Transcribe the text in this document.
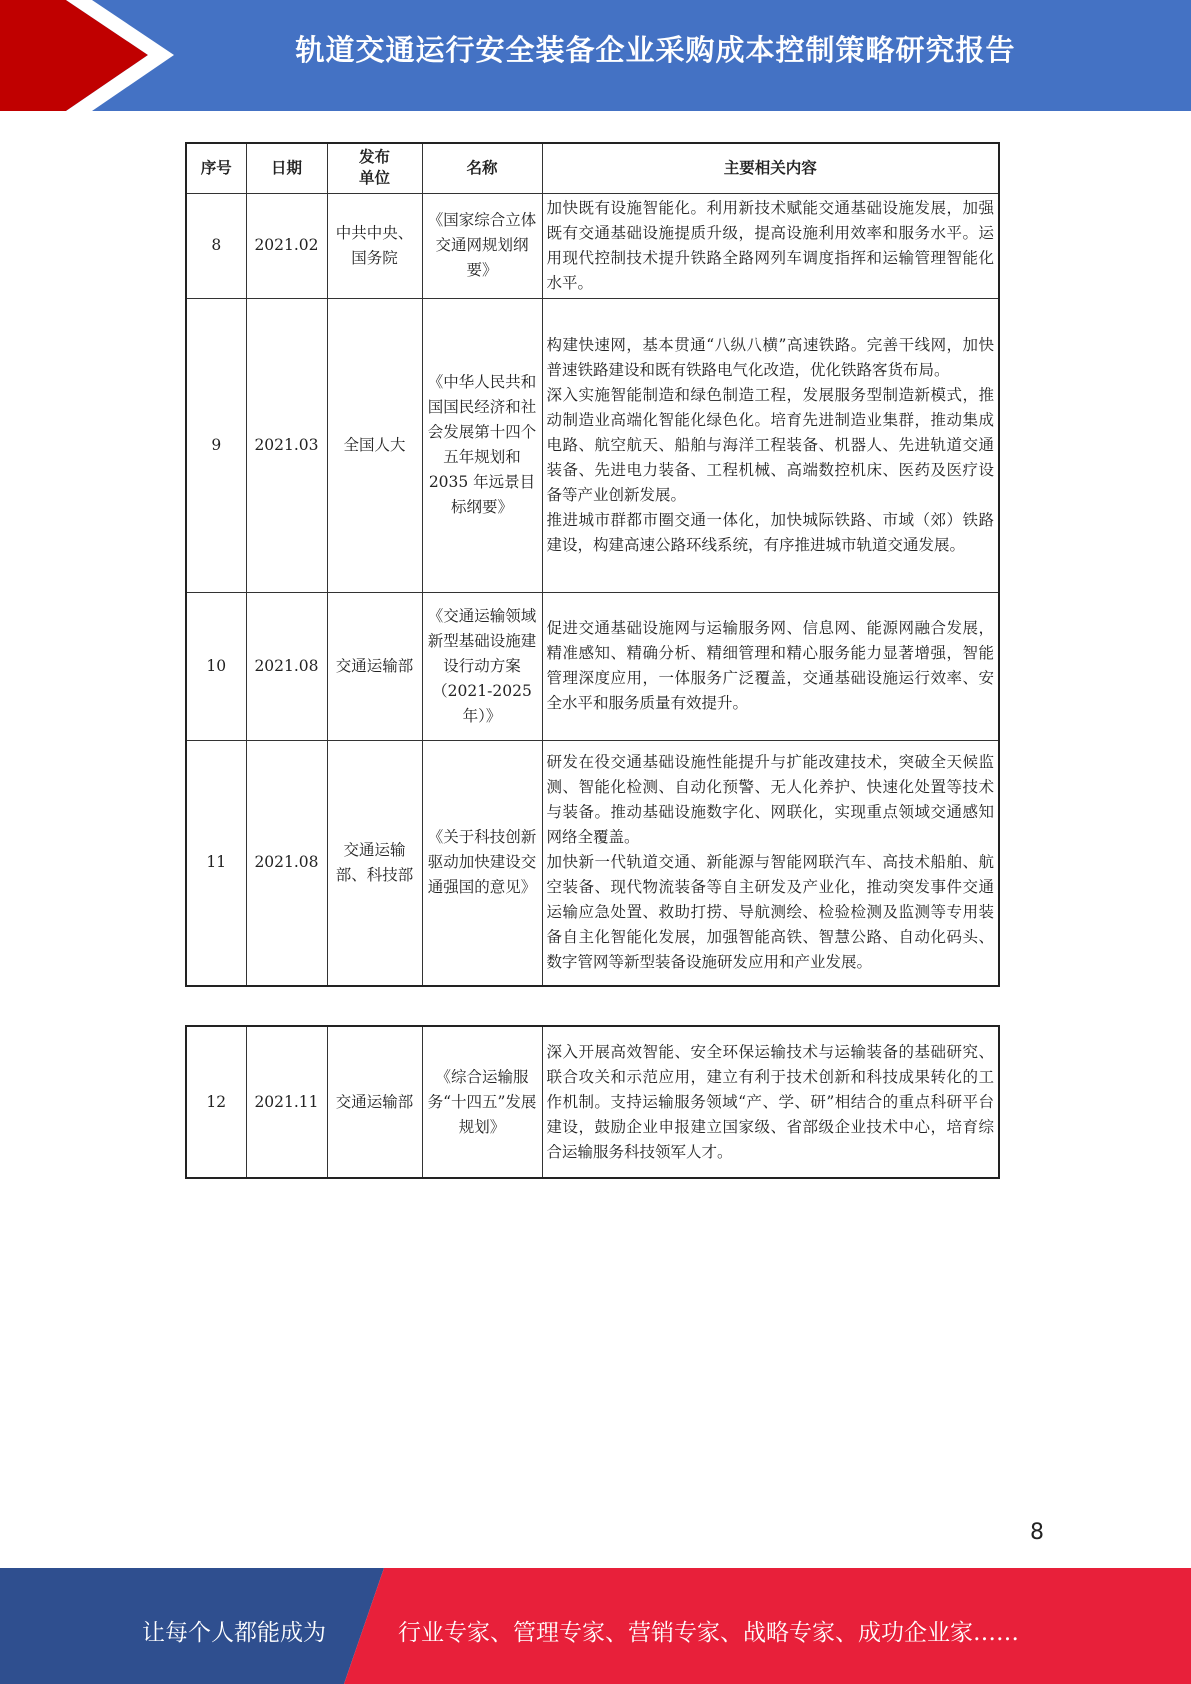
轨道交通运行安全装备企业采购成本控制策略研究报告
序号	日期	发布单位	名称	主要相关内容
8	2021.02	中共中央、国务院	《国家综合立体交通网规划纲要》	加快既有设施智能化。利用新技术赋能交通基础设施发展，加强既有交通基础设施提质升级，提高设施利用效率和服务水平。运用现代控制技术提升铁路全路网列车调度指挥和运输管理智能化水平。

9	2021.03	全国人大	《中华人民共和国国民经济和社会发展第十四个五年规划和 2035 年远景目标纲要》	构建快速网，基本贯通“八纵八横”高速铁路。完善干线网，加快普速铁路建设和既有铁路电气化改造，优化铁路客货布局。
深入实施智能制造和绿色制造工程，发展服务型制造新模式，推动制造业高端化智能化绿色化。培育先进制造业集群，推动集成电路、航空航天、船舶与海洋工程装备、机器人、先进轨道交通装备、先进电力装备、工程机械、高端数控机床、医药及医疗设备等产业创新发展。
推进城市群都市圈交通一体化，加快城际铁路、市域（郊）铁路建设，构建高速公路环线系统，有序推进城市轨道交通发展。

10	2021.08	交通运输部	《交通运输领域新型基础设施建设行动方案（2021-2025 年）》	促进交通基础设施网与运输服务网、信息网、能源网融合发展，精准感知、精确分析、精细管理和精心服务能力显著增强，智能管理深度应用，一体服务广泛覆盖，交通基础设施运行效率、安全水平和服务质量有效提升。

11	2021.08	交通运输部、科技部	《关于科技创新驱动加快建设交通强国的意见》	研发在役交通基础设施性能提升与扩能改建技术，突破全天候监测、智能化检测、自动化预警、无人化养护、快速化处置等技术与装备。推动基础设施数字化、网联化，实现重点领域交通感知网络全覆盖。
加快新一代轨道交通、新能源与智能网联汽车、高技术船舶、航空装备、现代物流装备等自主研发及产业化，推动突发事件交通运输应急处置、救助打捞、导航测绘、检验检测及监测等专用装备自主化智能化发展，加强智能高铁、智慧公路、自动化码头、数字管网等新型装备设施研发应用和产业发展。
12	2021.11	交通运输部	《综合运输服务“十四五”发展规划》	
深入开展高效智能、安全环保运输技术与运输装备的基础研究、联合攻关和示范应用，建立有利于技术创新和科技成果转化的工作机制。支持运输服务领域“产、学、研”相结合的重点科研平台建设，鼓励企业申报建立国家级、省部级企业技术中心，培育综合运输服务科技领军人才。
8
让每个人都能成为	行业专家、管理专家、营销专家、战略专家、成功企业家……
